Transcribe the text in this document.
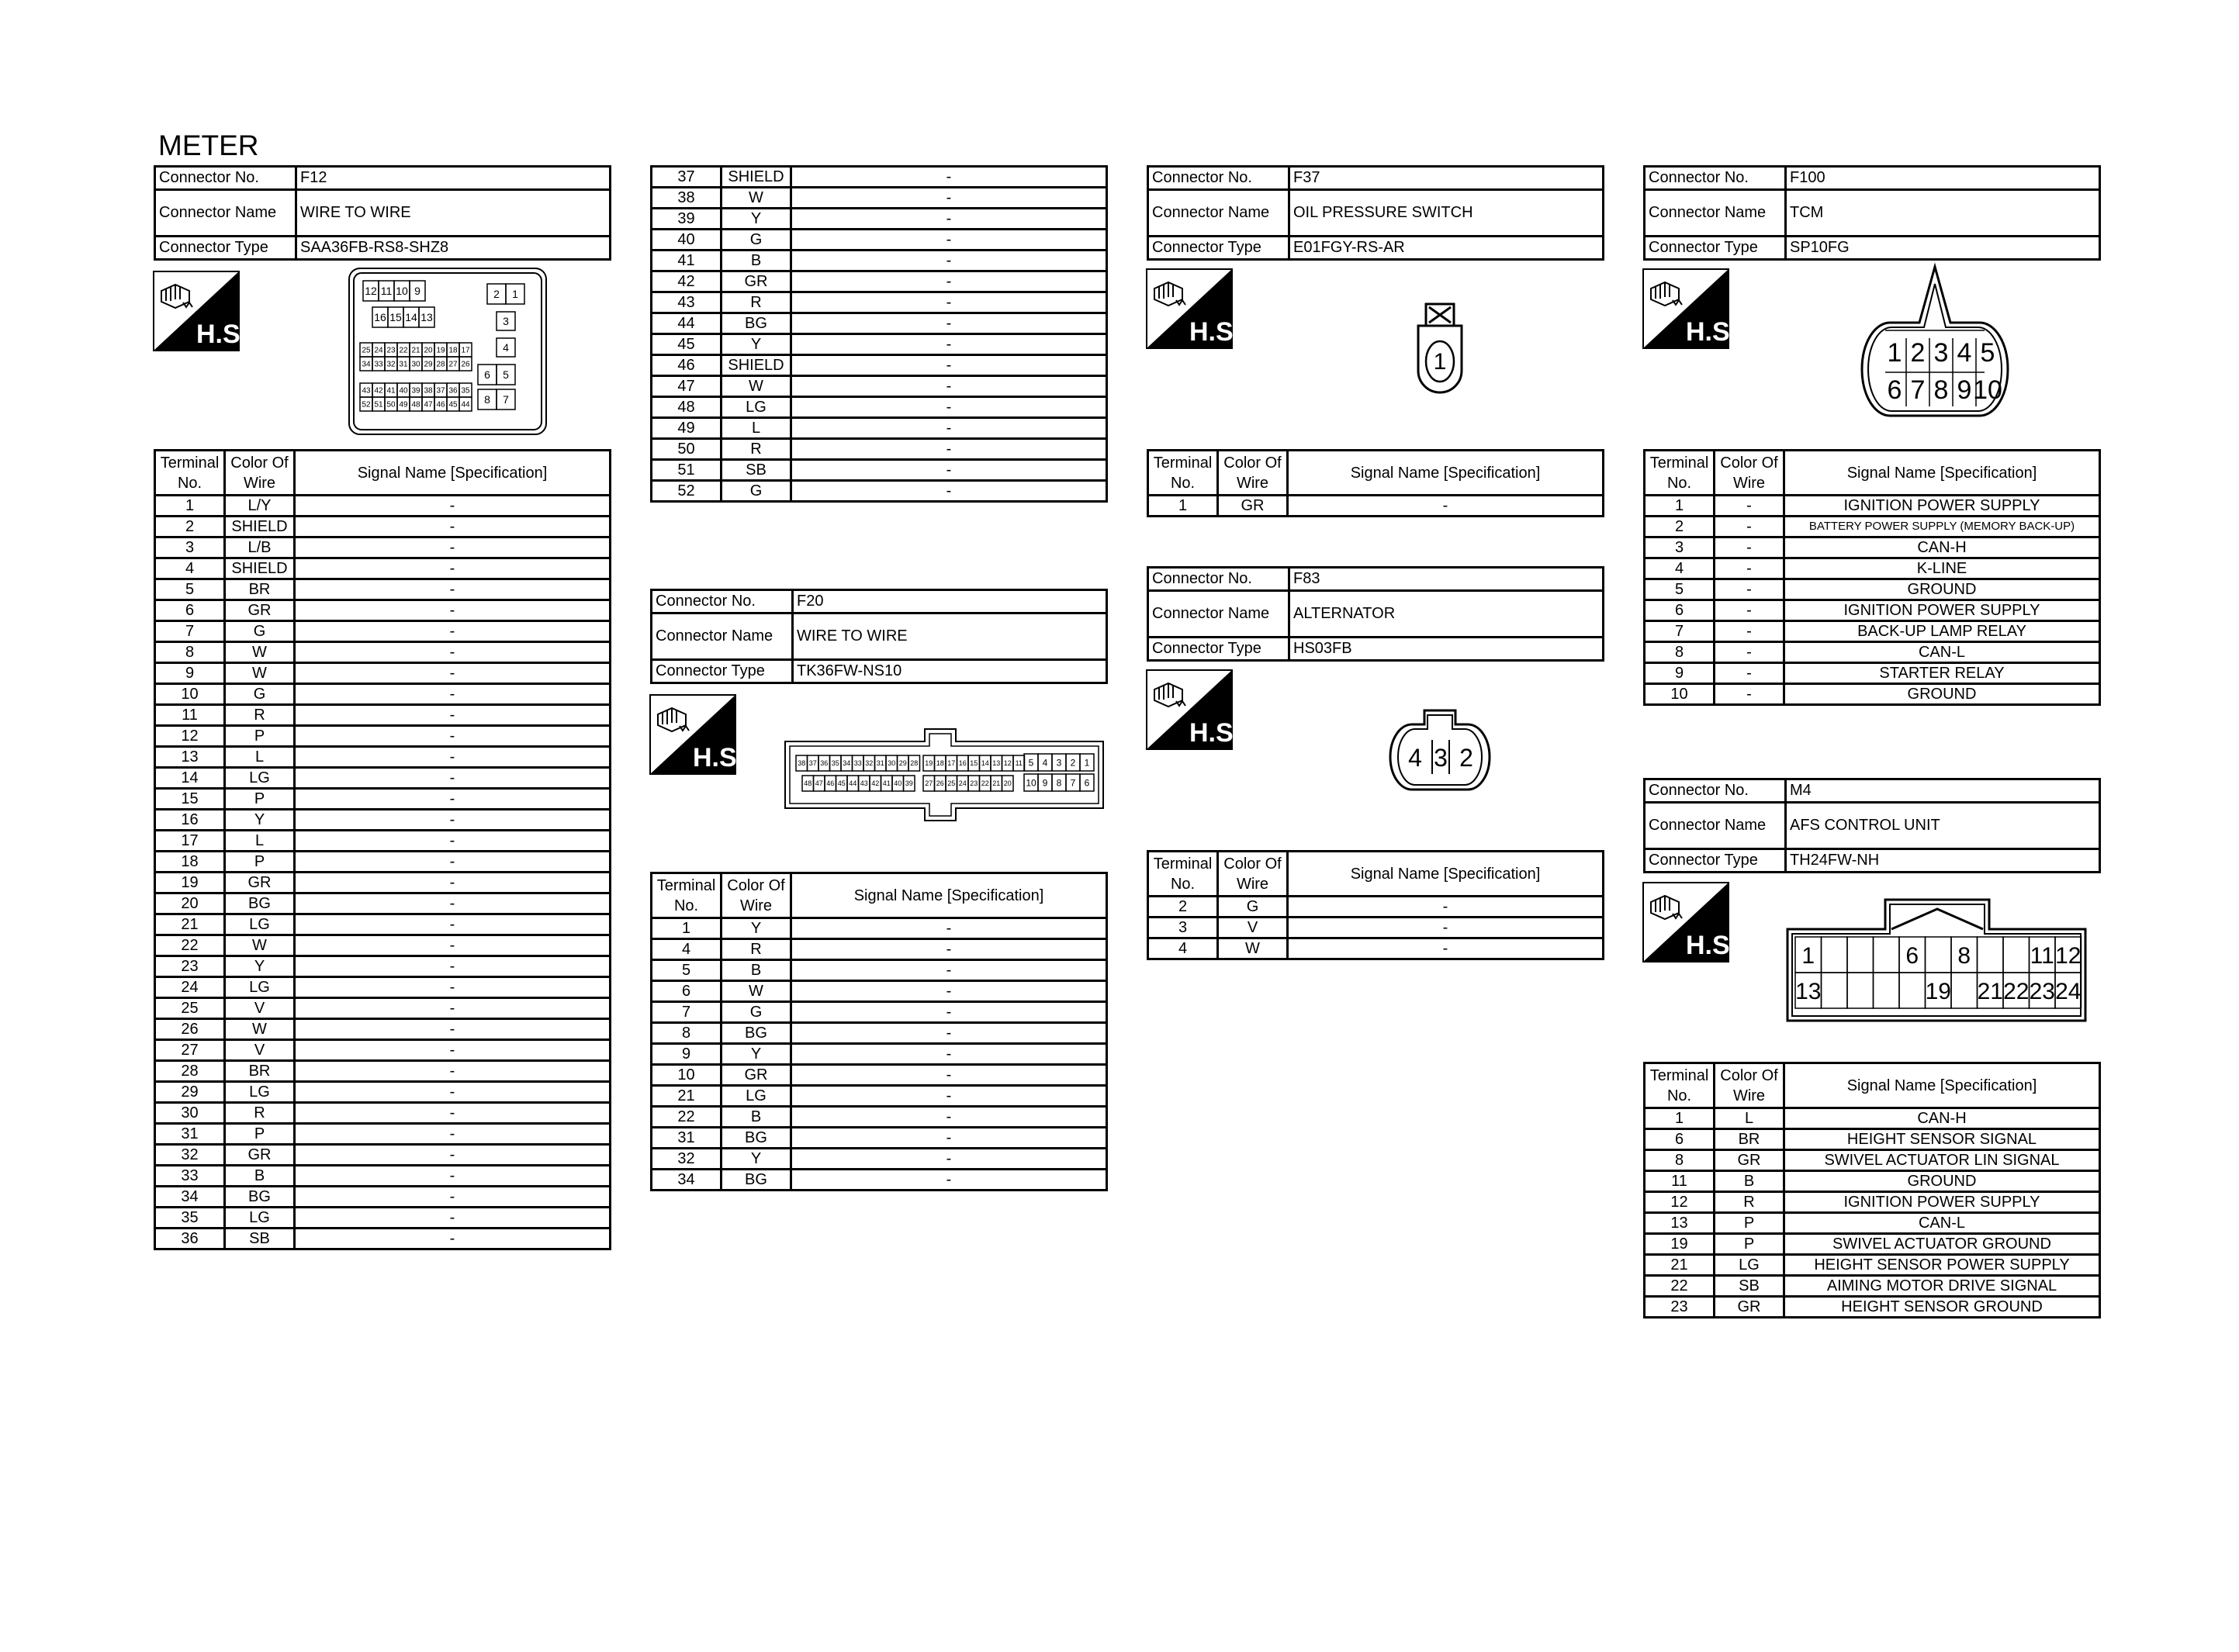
METER
Connector No.	F12
Connector Name	WIRE TO WIRE
Connector Type	SAA36FB-RS8-SHZ8
H.S.
H.S.
H.S.
H.S.
H.S.
H.S.
12 11 10 9
16 15 14 13
2 1
3
4
6 5
8 7
25 24 23 22 21 20 19 18 17
34 33 32 31 30 29 28 27 26
43 42 41 40 39 38 37 36 35
52 51 50 49 48 47 46 45 44
Terminal No.	Color Of Wire	Signal Name [Specification]
1	L/Y	-
2	SHIELD	-
3	L/B	-
4	SHIELD	-
5	BR	-
6	GR	-
7	G	-
8	W	-
9	W	-
10	G	-
11	R	-
12	P	-
13	L	-
14	LG	-
15	P	-
16	Y	-
17	L	-
18	P	-
19	GR	-
20	BG	-
21	LG	-
22	W	-
23	Y	-
24	LG	-
25	V	-
26	W	-
27	V	-
28	BR	-
29	LG	-
30	R	-
31	P	-
32	GR	-
33	B	-
34	BG	-
35	LG	-
36	SB	-
37	SHIELD	-
38	W	-
39	Y	-
40	G	-
41	B	-
42	GR	-
43	R	-
44	BG	-
45	Y	-
46	SHIELD	-
47	W	-
48	LG	-
49	L	-
50	R	-
51	SB	-
52	G	-
Connector No.	F20
Connector Name	WIRE TO WIRE
Connector Type	TK36FW-NS10
38 37 36 35 34 33 32 31 30 29 28 19 18 17 16 15 14 13 12 11
48 47 46 45 44 43 42 41 40 39 27 26 25 24 23 22 21 20
5 4 3 2 1
10 9 8 7 6
Terminal No.	Color Of Wire	Signal Name [Specification]
1	Y	-
4	R	-
5	B	-
6	W	-
7	G	-
8	BG	-
9	Y	-
10	GR	-
21	LG	-
22	B	-
31	BG	-
32	Y	-
34	BG	-
Connector No.	F37
Connector Name	OIL PRESSURE SWITCH
Connector Type	E01FGY-RS-AR
1
Terminal No.	Color Of Wire	Signal Name [Specification]
1	GR	-
Connector No.	F83
Connector Name	ALTERNATOR
Connector Type	HS03FB
4 3 2
Terminal No.	Color Of Wire	Signal Name [Specification]
2	G	-
3	V	-
4	W	-
Connector No.	F100
Connector Name	TCM
Connector Type	SP10FG
1 2 3 4 5
6 7 8 9 10
Terminal No.	Color Of Wire	Signal Name [Specification]
1	-	IGNITION POWER SUPPLY
2	-	BATTERY POWER SUPPLY (MEMORY BACK-UP)
3	-	CAN-H
4	-	K-LINE
5	-	GROUND
6	-	IGNITION POWER SUPPLY
7	-	BACK-UP LAMP RELAY
8	-	CAN-L
9	-	STARTER RELAY
10	-	GROUND
Connector No.	M4
Connector Name	AFS CONTROL UNIT
Connector Type	TH24FW-NH
1	6 8	11 12
13	19 21 22 23 24
Terminal No.	Color Of Wire	Signal Name [Specification]
1	L	CAN-H
6	BR	HEIGHT SENSOR SIGNAL
8	GR	SWIVEL ACTUATOR LIN SIGNAL
11	B	GROUND
12	R	IGNITION POWER SUPPLY
13	P	CAN-L
19	P	SWIVEL ACTUATOR GROUND
21	LG	HEIGHT SENSOR POWER SUPPLY
22	SB	AIMING MOTOR DRIVE SIGNAL
23	GR	HEIGHT SENSOR GROUND
